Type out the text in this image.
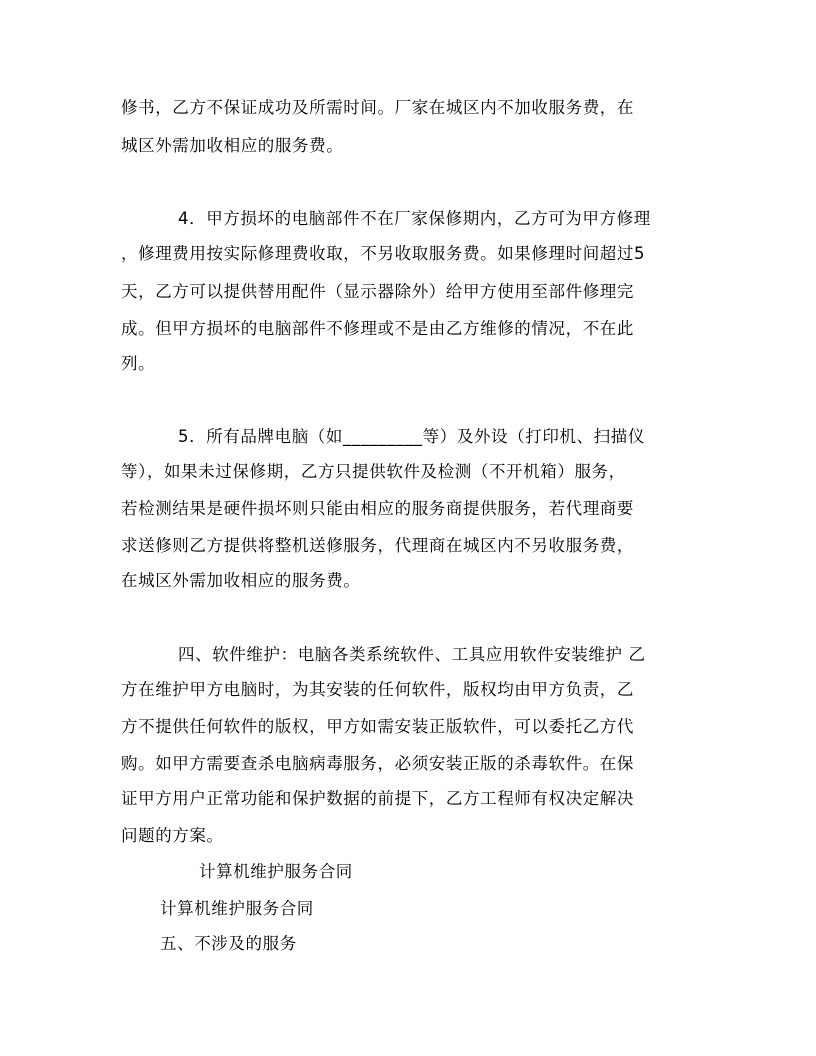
修书，乙方不保证成功及所需时间。厂家在城区内不加收服务费，在
城区外需加收相应的服务费。
4．甲方损坏的电脑部件不在厂家保修期内，乙方可为甲方修理
，修理费用按实际修理费收取，不另收取服务费。如果修理时间超过5
天，乙方可以提供替用配件（显示器除外）给甲方使用至部件修理完
成。但甲方损坏的电脑部件不修理或不是由乙方维修的情况，不在此
列。
5．所有品牌电脑（如_________等）及外设（打印机、扫描仪
等），如果未过保修期，乙方只提供软件及检测（不开机箱）服务，
若检测结果是硬件损坏则只能由相应的服务商提供服务，若代理商要
求送修则乙方提供将整机送修服务，代理商在城区内不另收服务费，
在城区外需加收相应的服务费。
四、软件维护：电脑各类系统软件、工具应用软件安装维护 乙
方在维护甲方电脑时，为其安装的任何软件，版权均由甲方负责，乙
方不提供任何软件的版权，甲方如需安装正版软件，可以委托乙方代
购。如甲方需要查杀电脑病毒服务，必须安装正版的杀毒软件。在保
证甲方用户正常功能和保护数据的前提下，乙方工程师有权决定解决
问题的方案。
计算机维护服务合同
计算机维护服务合同
五、不涉及的服务
